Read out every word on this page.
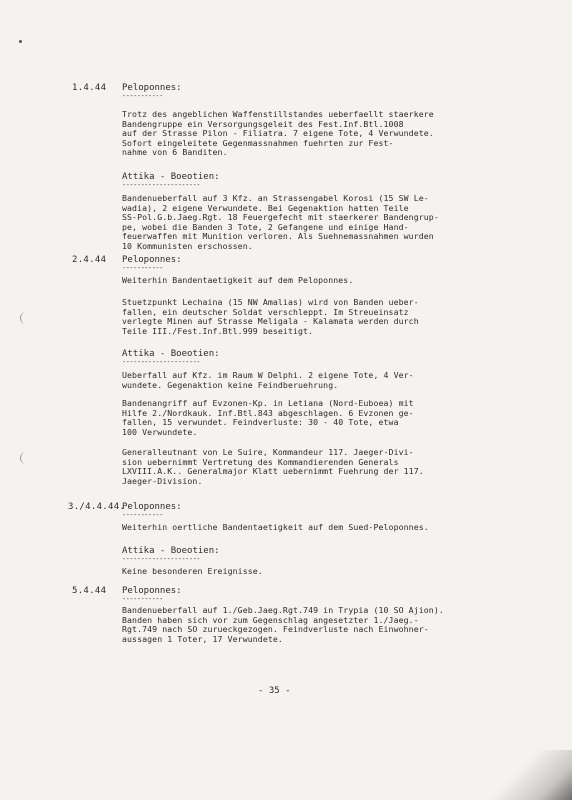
1.4.44 Peloponnes:
-----------
Trotz des angeblichen Waffenstillstandes ueberfaellt staerkere
Bandengruppe ein Versorgungsgeleit des Fest.Inf.Btl.1008
auf der Strasse Pilon - Filiatra. 7 eigene Tote, 4 Verwundete.
Sofort eingeleitete Gegenmassnahmen fuehrten zur Fest-
nahme von 6 Banditen.
Attika - Boeotien:
---------------------
Bandenueberfall auf 3 Kfz. an Strassengabel Korosi (15 SW Le-
wadia), 2 eigene Verwundete. Bei Gegenaktion hatten Teile
SS-Pol.G.b.Jaeg.Rgt. 18 Feuergefecht mit staerkerer Bandengrup-
pe, wobei die Banden 3 Tote, 2 Gefangene und einige Hand-
feuerwaffen mit Munition verloren. Als Suehnemassnahmen wurden
10 Kommunisten erschossen.
2.4.44 Peloponnes:
-----------
Weiterhin Bandentaetigkeit auf dem Peloponnes.
Stuetzpunkt Lechaina (15 NW Amalias) wird von Banden ueber-
fallen, ein deutscher Soldat verschleppt. Im Streueinsatz
verlegte Minen auf Strasse Meligala - Kalamata werden durch
Teile III./Fest.Inf.Btl.999 beseitigt.
Attika - Boeotien:
---------------------
Ueberfall auf Kfz. im Raum W Delphi. 2 eigene Tote, 4 Ver-
wundete. Gegenaktion keine Feindberuehrung.
Bandenangriff auf Evzonen-Kp. in Letiana (Nord-Euboea) mit
Hilfe 2./Nordkauk. Inf.Btl.843 abgeschlagen. 6 Evzonen ge-
fallen, 15 verwundet. Feindverluste: 30 - 40 Tote, etwa
100 Verwundete.
Generalleutnant von Le Suire, Kommandeur 117. Jaeger-Divi-
sion uebernimmt Vertretung des Kommandierenden Generals
LXVIII.A.K.. Generalmajor Klatt uebernimmt Fuehrung der 117.
Jaeger-Division.
3./4.4.44.
Peloponnes:
-----------
Weiterhin oertliche Bandentaetigkeit auf dem Sued-Peloponnes.
Attika - Boeotien:
---------------------
Keine besonderen Ereignisse.
5.4.44 Peloponnes:
-----------
Bandenueberfall auf 1./Geb.Jaeg.Rgt.749 in Trypia (10 SO Ajion).
Banden haben sich vor zum Gegenschlag angesetzter 1./Jaeg.-
Rgt.749 nach SO zurueckgezogen. Feindverluste nach Einwohner-
aussagen 1 Toter, 17 Verwundete.
- 35 -
